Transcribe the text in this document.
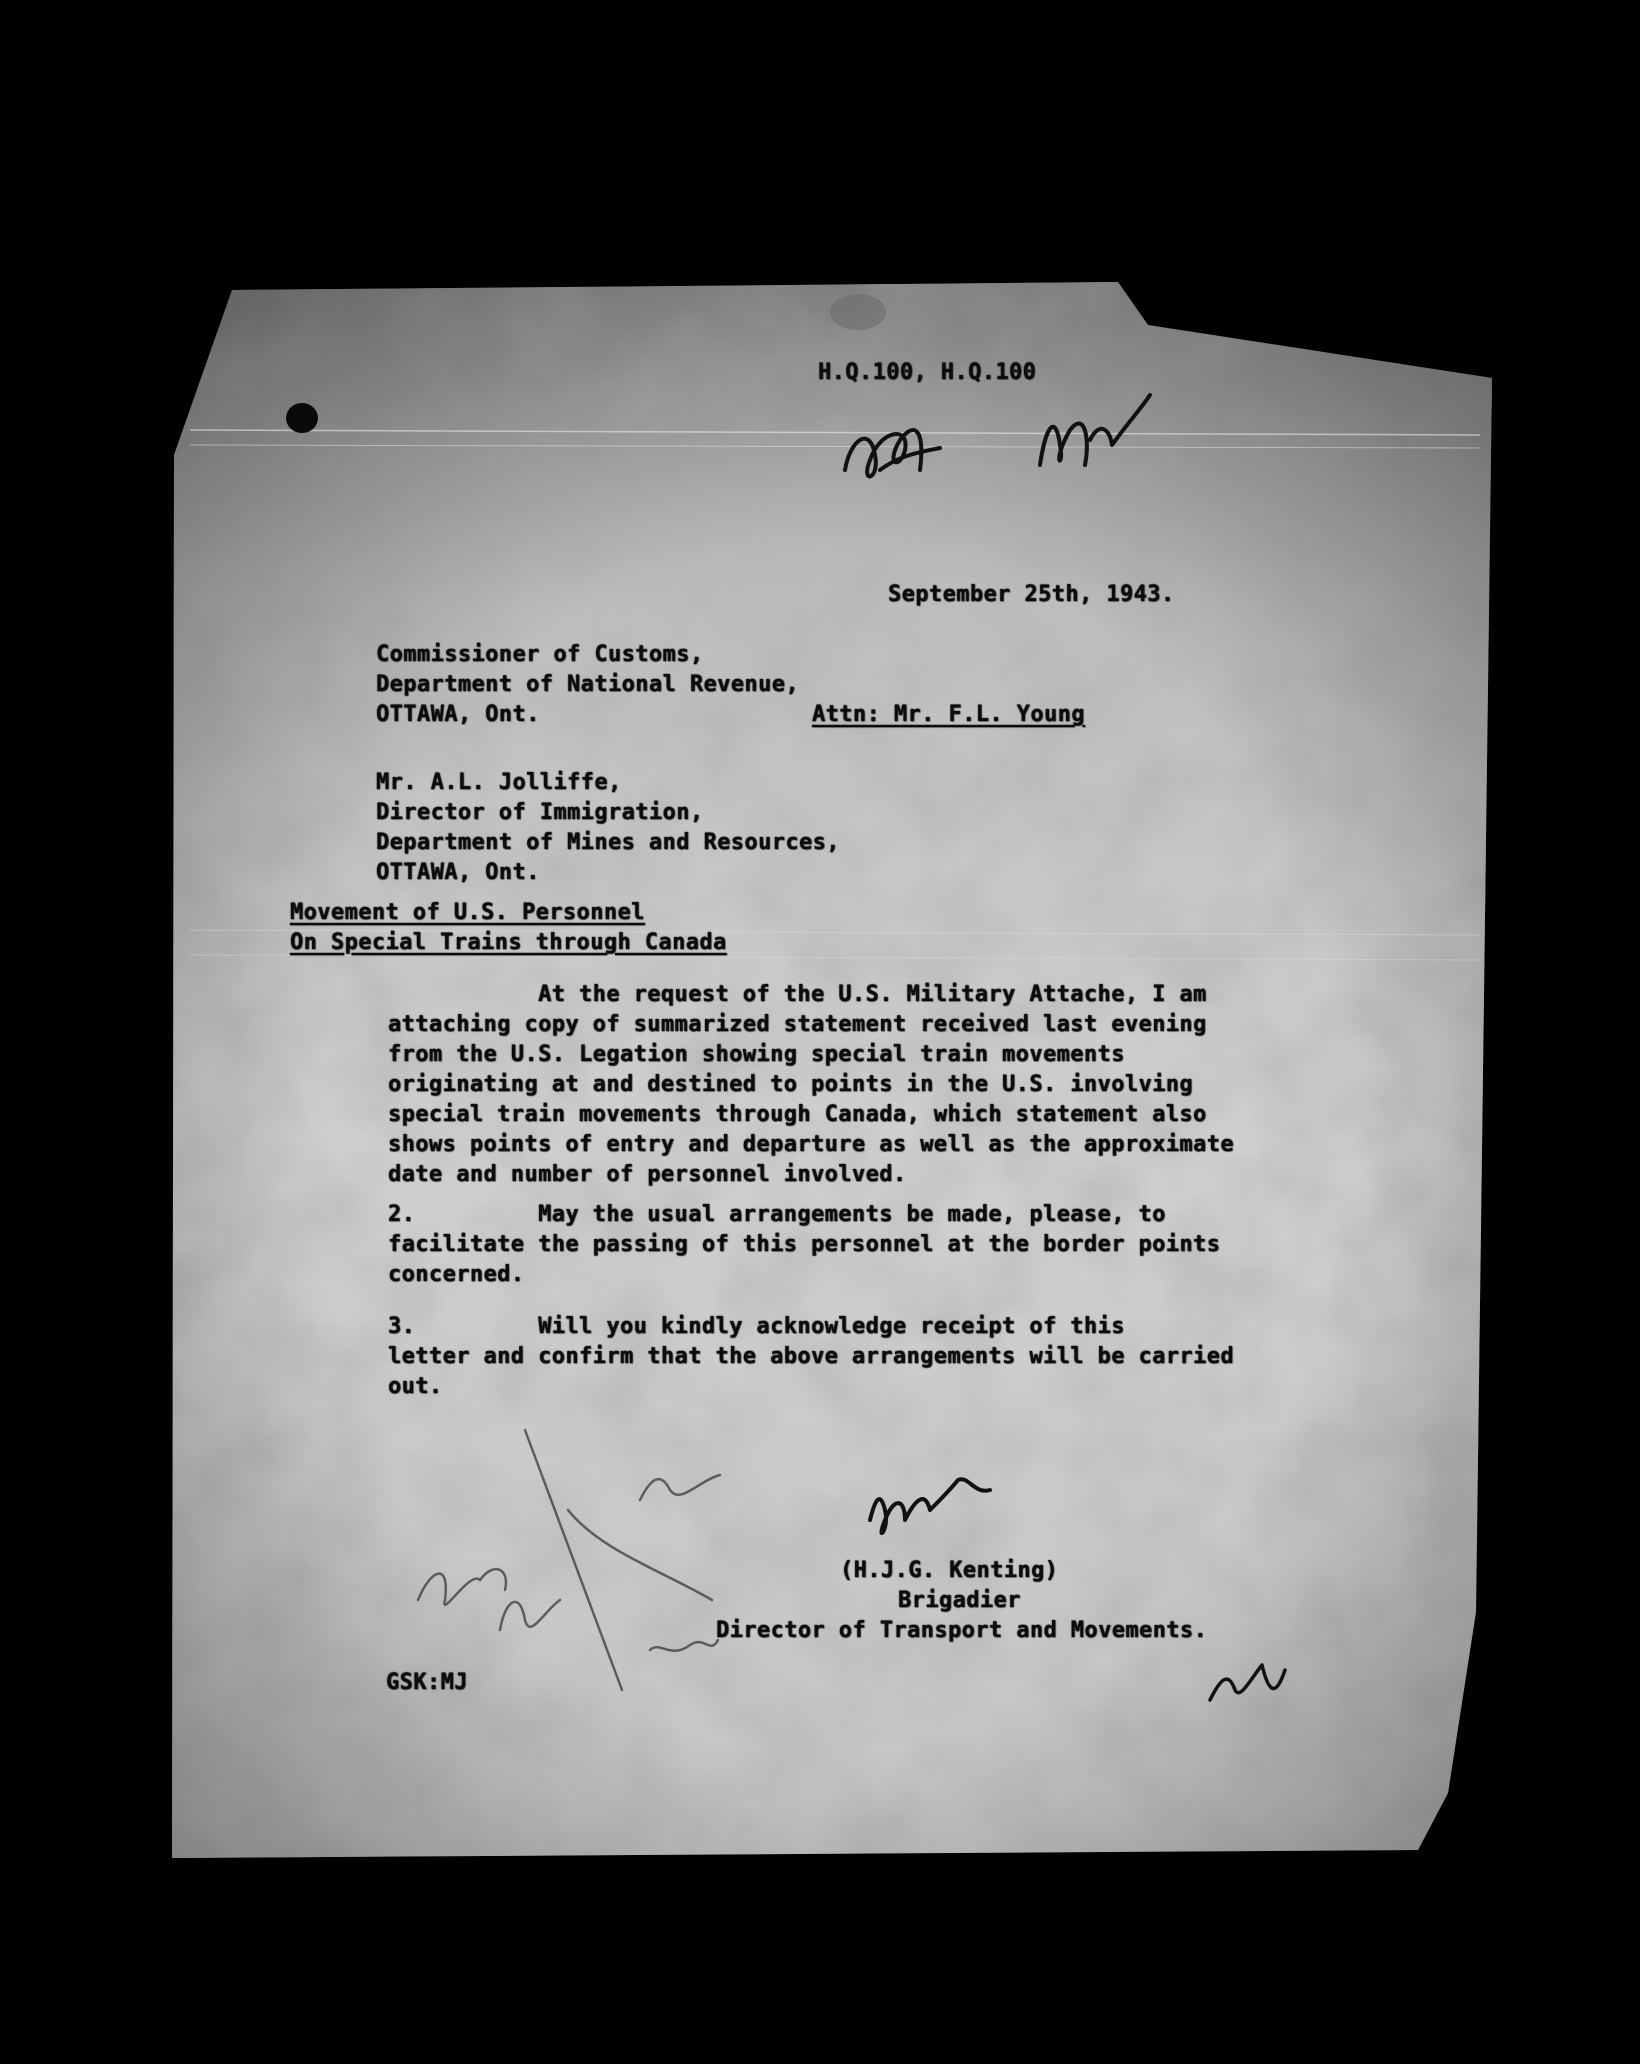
H.Q.100, H.Q.100
September 25th, 1943.
Commissioner of Customs,
Department of National Revenue,
OTTAWA, Ont.	Attn: Mr. F.L. Young
Mr. A.L. Jolliffe,
Director of Immigration,
Department of Mines and Resources,
OTTAWA, Ont.
Movement of U.S. Personnel
On Special Trains through Canada
At the request of the U.S. Military Attache, I am
attaching copy of summarized statement received last evening
from the U.S. Legation showing special train movements
originating at and destined to points in the U.S. involving
special train movements through Canada, which statement also
shows points of entry and departure as well as the approximate
date and number of personnel involved.
2.         May the usual arrangements be made, please, to
facilitate the passing of this personnel at the border points
concerned.
3.         Will you kindly acknowledge receipt of this
letter and confirm that the above arrangements will be carried
out.
(H.J.G. Kenting)
Brigadier
Director of Transport and Movements.
GSK:MJ
